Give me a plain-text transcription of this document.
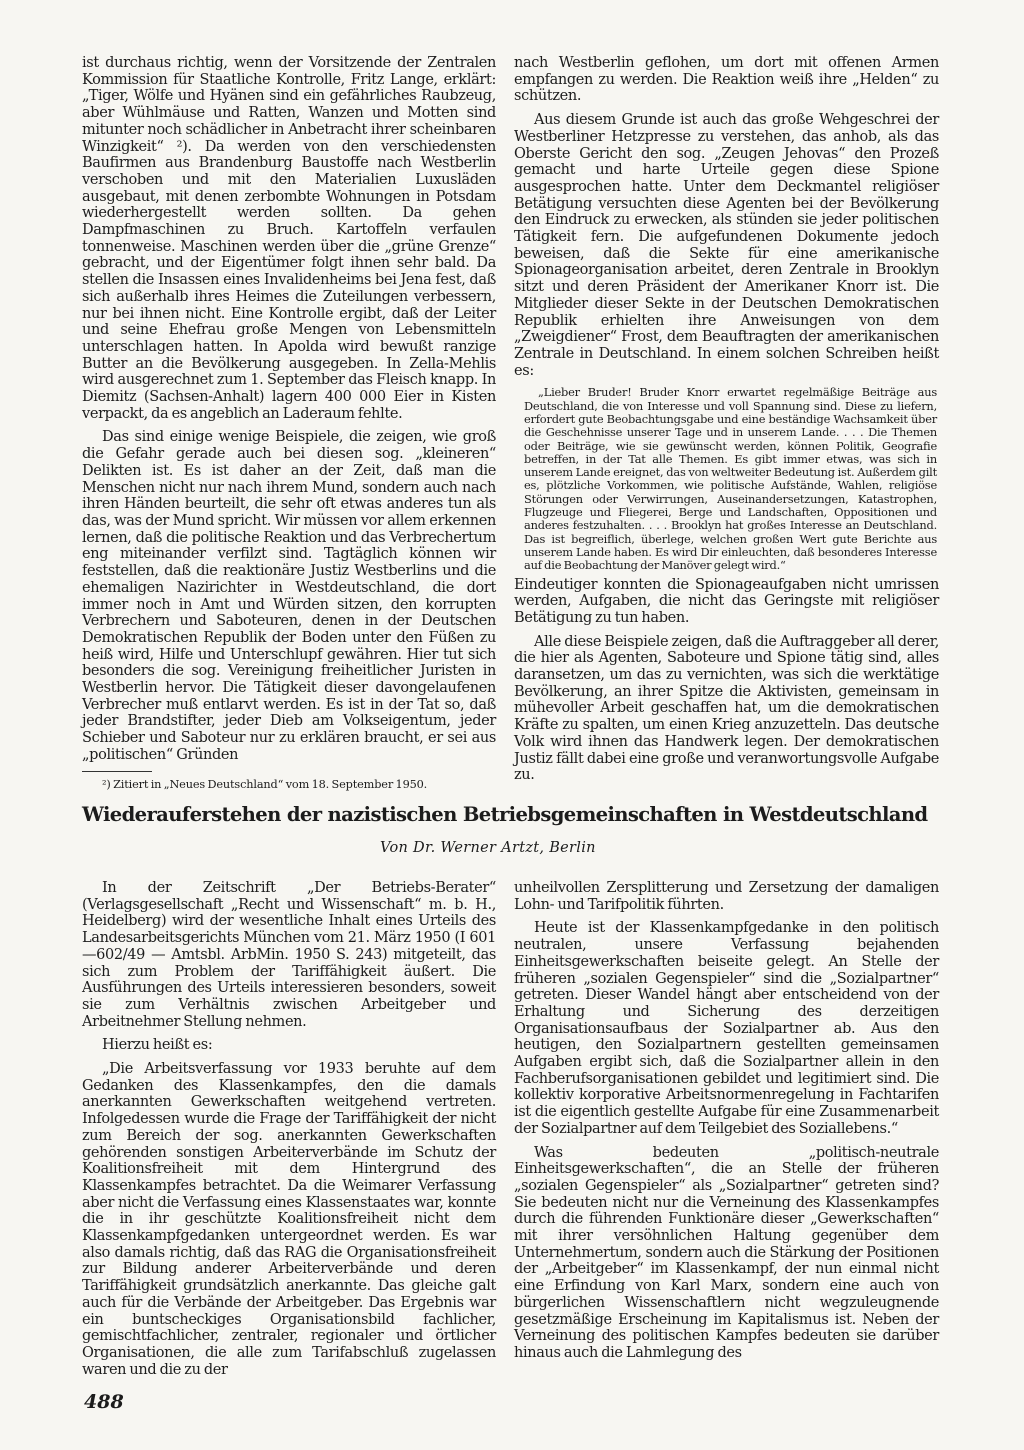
ist durchaus richtig, wenn der Vorsitzende der Zentralen Kommission für Staatliche Kontrolle, Fritz Lange, erklärt: „Tiger, Wölfe und Hyänen sind ein gefährliches Raubzeug, aber Wühlmäuse und Ratten, Wanzen und Motten sind mitunter noch schädlicher in Anbetracht ihrer scheinbaren Winzigkeit“ ²). Da werden von den verschiedensten Baufirmen aus Brandenburg Baustoffe nach Westberlin verschoben und mit den Materialien Luxusläden ausgebaut, mit denen zerbombte Wohnungen in Potsdam wiederhergestellt werden sollten. Da gehen Dampfmaschinen zu Bruch. Kartoffeln verfaulen tonnenweise. Maschinen werden über die „grüne Grenze“ gebracht, und der Eigentümer folgt ihnen sehr bald. Da stellen die Insassen eines Invalidenheims bei Jena fest, daß sich außerhalb ihres Heimes die Zuteilungen verbessern, nur bei ihnen nicht. Eine Kontrolle ergibt, daß der Leiter und seine Ehefrau große Mengen von Lebensmitteln unterschlagen hatten. In Apolda wird bewußt ranzige Butter an die Bevölkerung ausgegeben. In Zella-Mehlis wird ausgerechnet zum 1. September das Fleisch knapp. In Diemitz (Sachsen-Anhalt) lagern 400 000 Eier in Kisten verpackt, da es angeblich an Laderaum fehlte.

Das sind einige wenige Beispiele, die zeigen, wie groß die Gefahr gerade auch bei diesen sog. „kleineren“ Delikten ist. Es ist daher an der Zeit, daß man die Menschen nicht nur nach ihrem Mund, sondern auch nach ihren Händen beurteilt, die sehr oft etwas anderes tun als das, was der Mund spricht. Wir müssen vor allem erkennen lernen, daß die politische Reaktion und das Verbrechertum eng miteinander verfilzt sind. Tagtäglich können wir feststellen, daß die reaktionäre Justiz Westberlins und die ehemaligen Nazirichter in Westdeutschland, die dort immer noch in Amt und Würden sitzen, den korrupten Verbrechern und Saboteuren, denen in der Deutschen Demokratischen Republik der Boden unter den Füßen zu heiß wird, Hilfe und Unterschlupf gewähren. Hier tut sich besonders die sog. Vereinigung freiheitlicher Juristen in Westberlin hervor. Die Tätigkeit dieser davongelaufenen Verbrecher muß entlarvt werden. Es ist in der Tat so, daß jeder Brandstifter, jeder Dieb am Volkseigentum, jeder Schieber und Saboteur nur zu erklären braucht, er sei aus „politischen“ Gründen

²) Zitiert in „Neues Deutschland“ vom 18. September 1950.

nach Westberlin geflohen, um dort mit offenen Armen empfangen zu werden. Die Reaktion weiß ihre „Helden“ zu schützen.

Aus diesem Grunde ist auch das große Wehgeschrei der Westberliner Hetzpresse zu verstehen, das anhob, als das Oberste Gericht den sog. „Zeugen Jehovas“ den Prozeß gemacht und harte Urteile gegen diese Spione ausgesprochen hatte. Unter dem Deckmantel religiöser Betätigung versuchten diese Agenten bei der Bevölkerung den Eindruck zu erwecken, als stünden sie jeder politischen Tätigkeit fern. Die aufgefundenen Dokumente jedoch beweisen, daß die Sekte für eine amerikanische Spionageorganisation arbeitet, deren Zentrale in Brooklyn sitzt und deren Präsident der Amerikaner Knorr ist. Die Mitglieder dieser Sekte in der Deutschen Demokratischen Republik erhielten ihre Anweisungen von dem „Zweigdiener“ Frost, dem Beauftragten der amerikanischen Zentrale in Deutschland. In einem solchen Schreiben heißt es:

„Lieber Bruder! Bruder Knorr erwartet regelmäßige Beiträge aus Deutschland, die von Interesse und voll Spannung sind. Diese zu liefern, erfordert gute Beobachtungsgabe und eine beständige Wachsamkeit über die Geschehnisse unserer Tage und in unserem Lande. . . . Die Themen oder Beiträge, wie sie gewünscht werden, können Politik, Geografie betreffen, in der Tat alle Themen. Es gibt immer etwas, was sich in unserem Lande ereignet, das von weltweiter Bedeutung ist. Außerdem gilt es, plötzliche Vorkommen, wie politische Aufstände, Wahlen, religiöse Störungen oder Verwirrungen, Auseinandersetzungen, Katastrophen, Flugzeuge und Fliegerei, Berge und Landschaften, Oppositionen und anderes festzuhalten. . . . Brooklyn hat großes Interesse an Deutschland. Das ist begreiflich, überlege, welchen großen Wert gute Berichte aus unserem Lande haben. Es wird Dir einleuchten, daß besonderes Interesse auf die Beobachtung der Manöver gelegt wird.“

Eindeutiger konnten die Spionageaufgaben nicht umrissen werden, Aufgaben, die nicht das Geringste mit religiöser Betätigung zu tun haben.

Alle diese Beispiele zeigen, daß die Auftraggeber all derer, die hier als Agenten, Saboteure und Spione tätig sind, alles daransetzen, um das zu vernichten, was sich die werktätige Bevölkerung, an ihrer Spitze die Aktivisten, gemeinsam in mühevoller Arbeit geschaffen hat, um die demokratischen Kräfte zu spalten, um einen Krieg anzuzetteln. Das deutsche Volk wird ihnen das Handwerk legen. Der demokratischen Justiz fällt dabei eine große und veranwortungsvolle Aufgabe zu.

Wiederauferstehen der nazistischen Betriebsgemeinschaften in Westdeutschland
Von Dr. Werner Artzt, Berlin

In der Zeitschrift „Der Betriebs-Berater“ (Verlagsgesellschaft „Recht und Wissenschaft“ m. b. H., Heidelberg) wird der wesentliche Inhalt eines Urteils des Landesarbeitsgerichts München vom 21. März 1950 (I 601—602/49 — Amtsbl. ArbMin. 1950 S. 243) mitgeteilt, das sich zum Problem der Tariffähigkeit äußert. Die Ausführungen des Urteils interessieren besonders, soweit sie zum Verhältnis zwischen Arbeitgeber und Arbeitnehmer Stellung nehmen.

Hierzu heißt es:

„Die Arbeitsverfassung vor 1933 beruhte auf dem Gedanken des Klassenkampfes, den die damals anerkannten Gewerkschaften weitgehend vertreten. Infolgedessen wurde die Frage der Tariffähigkeit der nicht zum Bereich der sog. anerkannten Gewerkschaften gehörenden sonstigen Arbeiterverbände im Schutz der Koalitionsfreiheit mit dem Hintergrund des Klassenkampfes betrachtet. Da die Weimarer Verfassung aber nicht die Verfassung eines Klassenstaates war, konnte die in ihr geschützte Koalitionsfreiheit nicht dem Klassenkampfgedanken untergeordnet werden. Es war also damals richtig, daß das RAG die Organisationsfreiheit zur Bildung anderer Arbeiterverbände und deren Tariffähigkeit grundsätzlich anerkannte. Das gleiche galt auch für die Verbände der Arbeitgeber. Das Ergebnis war ein buntscheckiges Organisationsbild fachlicher, gemischtfachlicher, zentraler, regionaler und örtlicher Organisationen, die alle zum Tarifabschluß zugelassen waren und die zu der

unheilvollen Zersplitterung und Zersetzung der damaligen Lohn- und Tarifpolitik führten.

Heute ist der Klassenkampfgedanke in den politisch neutralen, unsere Verfassung bejahenden Einheitsgewerkschaften beiseite gelegt. An Stelle der früheren „sozialen Gegenspieler“ sind die „Sozialpartner“ getreten. Dieser Wandel hängt aber entscheidend von der Erhaltung und Sicherung des derzeitigen Organisationsaufbaus der Sozialpartner ab. Aus den heutigen, den Sozialpartnern gestellten gemeinsamen Aufgaben ergibt sich, daß die Sozialpartner allein in den Fachberufsorganisationen gebildet und legitimiert sind. Die kollektiv korporative Arbeitsnormenregelung in Fachtarifen ist die eigentlich gestellte Aufgabe für eine Zusammenarbeit der Sozialpartner auf dem Teilgebiet des Soziallebens.“

Was bedeuten „politisch-neutrale Einheitsgewerkschaften“, die an Stelle der früheren „sozialen Gegenspieler“ als „Sozialpartner“ getreten sind? Sie bedeuten nicht nur die Verneinung des Klassenkampfes durch die führenden Funktionäre dieser „Gewerkschaften“ mit ihrer versöhnlichen Haltung gegenüber dem Unternehmertum, sondern auch die Stärkung der Positionen der „Arbeitgeber“ im Klassenkampf, der nun einmal nicht eine Erfindung von Karl Marx, sondern eine auch von bürgerlichen Wissenschaftlern nicht wegzuleugnende gesetzmäßige Erscheinung im Kapitalismus ist. Neben der Verneinung des politischen Kampfes bedeuten sie darüber hinaus auch die Lahmlegung des

488
